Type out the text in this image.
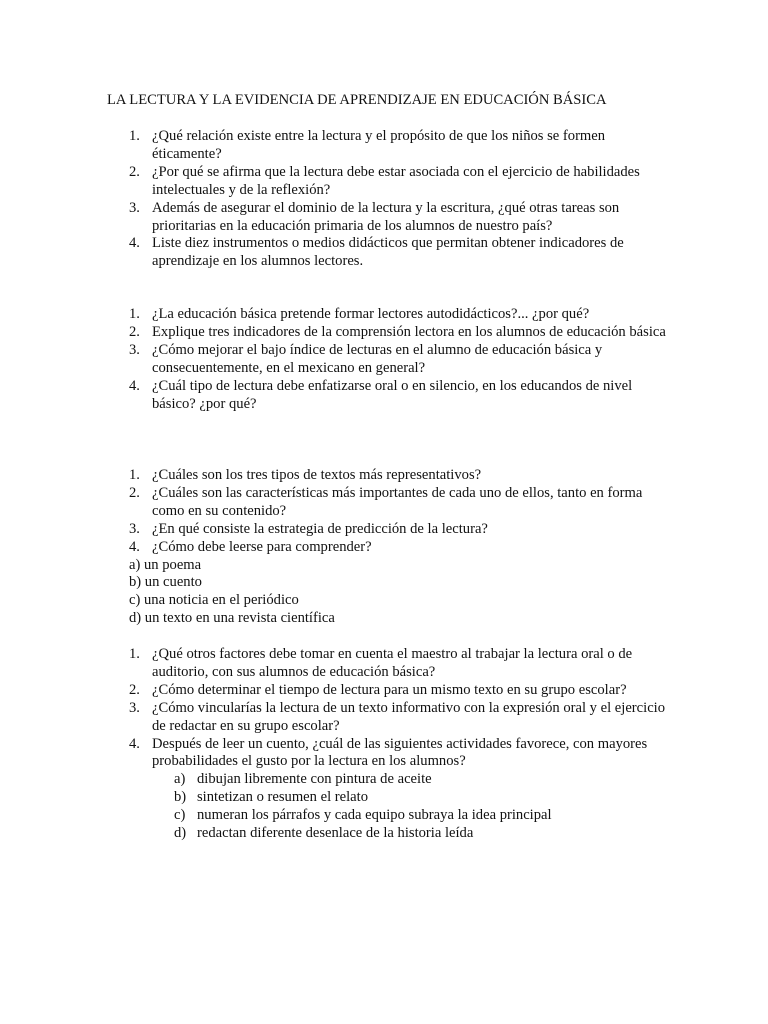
LA LECTURA Y LA EVIDENCIA DE APRENDIZAJE EN EDUCACIÓN BÁSICA
1. ¿Qué relación existe entre la lectura y el propósito de que los niños se formen éticamente?
2. ¿Por qué se afirma que la lectura debe estar asociada con el ejercicio de habilidades intelectuales y de la reflexión?
3. Además de asegurar el dominio de la lectura y la escritura, ¿qué otras tareas son prioritarias en la educación primaria de los alumnos de nuestro país?
4. Liste diez instrumentos o medios didácticos que permitan obtener indicadores de aprendizaje en los alumnos lectores.
1. ¿La educación básica pretende formar lectores autodidácticos?... ¿por qué?
2. Explique tres indicadores de la comprensión lectora en los alumnos de educación básica
3. ¿Cómo mejorar el bajo índice de lecturas en el alumno de educación básica y consecuentemente, en el mexicano en general?
4. ¿Cuál tipo de lectura debe enfatizarse oral o en silencio, en los educandos de nivel básico? ¿por qué?
1. ¿Cuáles son los tres tipos de textos más representativos?
2. ¿Cuáles son las características más importantes de cada uno de ellos, tanto en forma como en su contenido?
3. ¿En qué consiste la estrategia de predicción de la lectura?
4. ¿Cómo debe leerse para comprender?
a) un poema
b) un cuento
c) una noticia en el periódico
d) un texto en una revista científica
1. ¿Qué otros factores debe tomar en cuenta el maestro al trabajar la lectura oral o de auditorio, con sus alumnos de educación básica?
2. ¿Cómo determinar el tiempo de lectura para un mismo texto en su grupo escolar?
3. ¿Cómo vincularías la lectura de un texto informativo con la expresión oral y el ejercicio de redactar en su grupo escolar?
4. Después de leer un cuento, ¿cuál de las siguientes actividades favorece, con mayores probabilidades el gusto por la lectura en los alumnos?
a) dibujan libremente con pintura de aceite
b) sintetizan o resumen el relato
c) numeran los párrafos y cada equipo subraya la idea principal
d) redactan diferente desenlace de la historia leída
